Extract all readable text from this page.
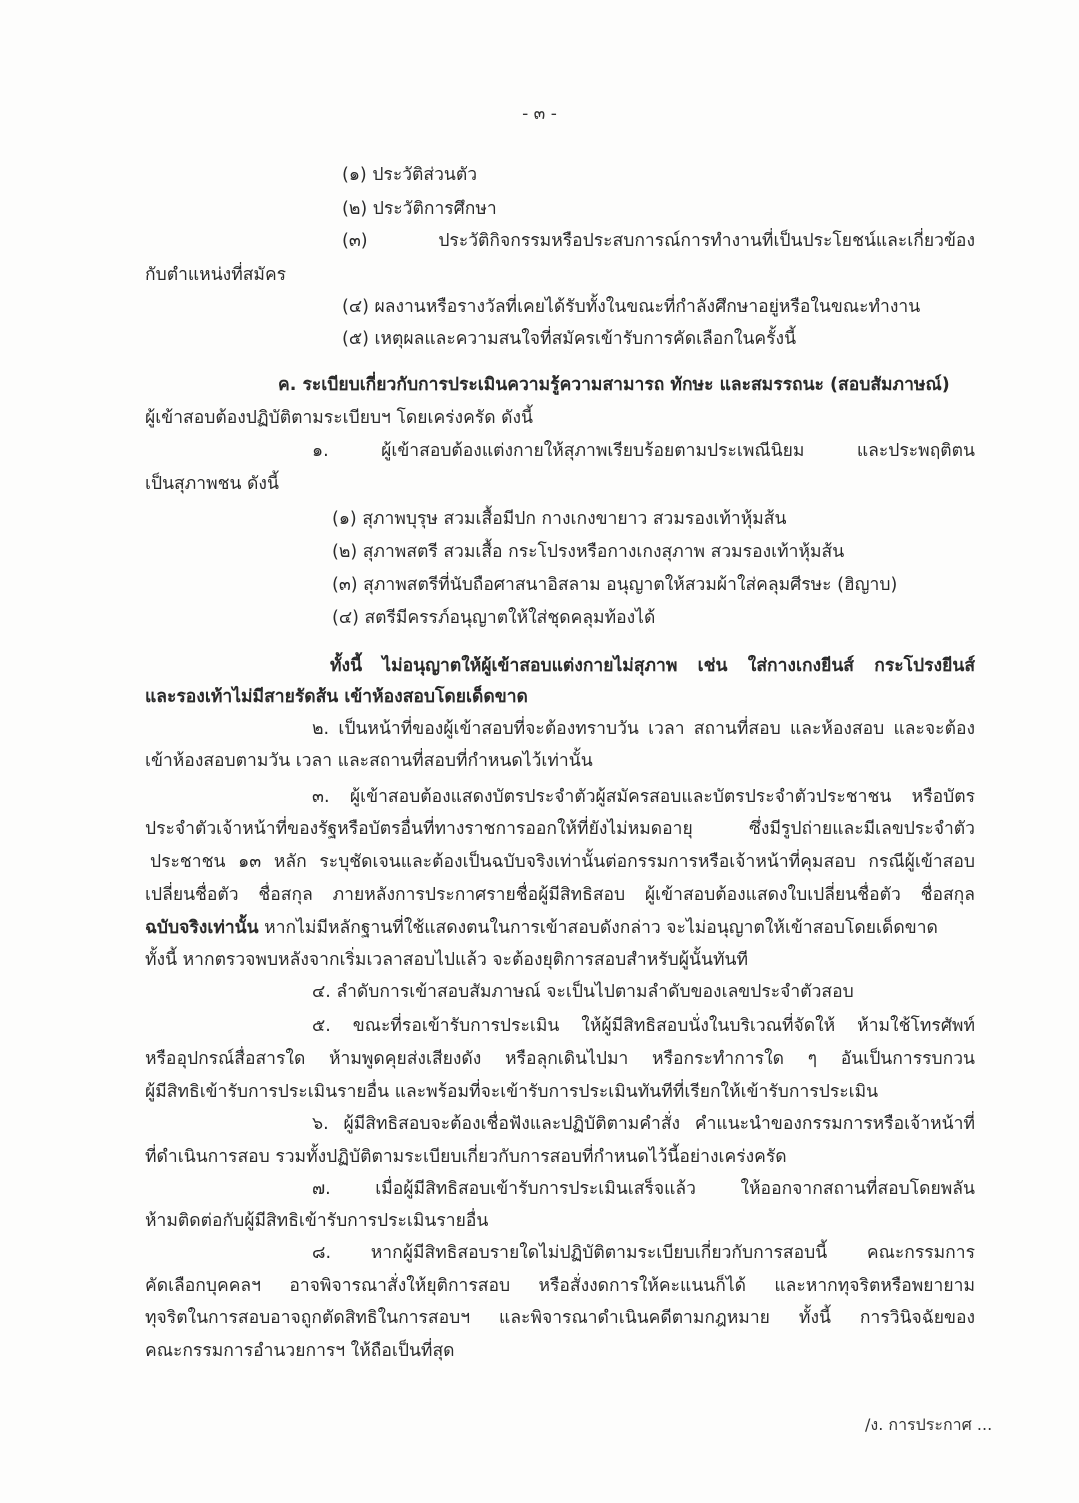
- ๓ -
(๑) ประวัติส่วนตัว
(๒) ประวัติการศึกษา
(๓) ประวัติกิจกรรมหรือประสบการณ์การทำงานที่เป็นประโยชน์และเกี่ยวข้อง
กับตำแหน่งที่สมัคร
(๔) ผลงานหรือรางวัลที่เคยได้รับทั้งในขณะที่กำลังศึกษาอยู่หรือในขณะทำงาน
(๕) เหตุผลและความสนใจที่สมัครเข้ารับการคัดเลือกในครั้งนี้
ค. ระเบียบเกี่ยวกับการประเมินความรู้ความสามารถ ทักษะ และสมรรถนะ (สอบสัมภาษณ์)
ผู้เข้าสอบต้องปฏิบัติตามระเบียบฯ โดยเคร่งครัด ดังนี้
๑. ผู้เข้าสอบต้องแต่งกายให้สุภาพเรียบร้อยตามประเพณีนิยม และประพฤติตน
เป็นสุภาพชน ดังนี้
(๑) สุภาพบุรุษ สวมเสื้อมีปก กางเกงขายาว สวมรองเท้าหุ้มส้น
(๒) สุภาพสตรี สวมเสื้อ กระโปรงหรือกางเกงสุภาพ สวมรองเท้าหุ้มส้น
(๓) สุภาพสตรีที่นับถือศาสนาอิสลาม อนุญาตให้สวมผ้าใส่คลุมศีรษะ (ฮิญาบ)
(๔) สตรีมีครรภ์อนุญาตให้ใส่ชุดคลุมท้องได้
ทั้งนี้ ไม่อนุญาตให้ผู้เข้าสอบแต่งกายไม่สุภาพ เช่น ใส่กางเกงยีนส์ กระโปรงยีนส์
และรองเท้าไม่มีสายรัดส้น เข้าห้องสอบโดยเด็ดขาด
๒. เป็นหน้าที่ของผู้เข้าสอบที่จะต้องทราบวัน เวลา สถานที่สอบ และห้องสอบ และจะต้อง
เข้าห้องสอบตามวัน เวลา และสถานที่สอบที่กำหนดไว้เท่านั้น
๓. ผู้เข้าสอบต้องแสดงบัตรประจำตัวผู้สมัครสอบและบัตรประจำตัวประชาชน หรือบัตร
ประจำตัวเจ้าหน้าที่ของรัฐหรือบัตรอื่นที่ทางราชการออกให้ที่ยังไม่หมดอายุ ซึ่งมีรูปถ่ายและมีเลขประจำตัว
ประชาชน ๑๓ หลัก ระบุชัดเจนและต้องเป็นฉบับจริงเท่านั้นต่อกรรมการหรือเจ้าหน้าที่คุมสอบ กรณีผู้เข้าสอบ
เปลี่ยนชื่อตัว ชื่อสกุล ภายหลังการประกาศรายชื่อผู้มีสิทธิสอบ ผู้เข้าสอบต้องแสดงใบเปลี่ยนชื่อตัว ชื่อสกุล
ฉบับจริงเท่านั้น หากไม่มีหลักฐานที่ใช้แสดงตนในการเข้าสอบดังกล่าว จะไม่อนุญาตให้เข้าสอบโดยเด็ดขาด
ทั้งนี้ หากตรวจพบหลังจากเริ่มเวลาสอบไปแล้ว จะต้องยุติการสอบสำหรับผู้นั้นทันที
๔. ลำดับการเข้าสอบสัมภาษณ์ จะเป็นไปตามลำดับของเลขประจำตัวสอบ
๕. ขณะที่รอเข้ารับการประเมิน ให้ผู้มีสิทธิสอบนั่งในบริเวณที่จัดให้ ห้ามใช้โทรศัพท์
หรืออุปกรณ์สื่อสารใด ห้ามพูดคุยส่งเสียงดัง หรือลุกเดินไปมา หรือกระทำการใด ๆ อันเป็นการรบกวน
ผู้มีสิทธิเข้ารับการประเมินรายอื่น และพร้อมที่จะเข้ารับการประเมินทันทีที่เรียกให้เข้ารับการประเมิน
๖. ผู้มีสิทธิสอบจะต้องเชื่อฟังและปฏิบัติตามคำสั่ง คำแนะนำของกรรมการหรือเจ้าหน้าที่
ที่ดำเนินการสอบ รวมทั้งปฏิบัติตามระเบียบเกี่ยวกับการสอบที่กำหนดไว้นี้อย่างเคร่งครัด
๗. เมื่อผู้มีสิทธิสอบเข้ารับการประเมินเสร็จแล้ว ให้ออกจากสถานที่สอบโดยพลัน
ห้ามติดต่อกับผู้มีสิทธิเข้ารับการประเมินรายอื่น
๘. หากผู้มีสิทธิสอบรายใดไม่ปฏิบัติตามระเบียบเกี่ยวกับการสอบนี้ คณะกรรมการ
คัดเลือกบุคคลฯ อาจพิจารณาสั่งให้ยุติการสอบ หรือสั่งงดการให้คะแนนก็ได้ และหากทุจริตหรือพยายาม
ทุจริตในการสอบอาจถูกตัดสิทธิในการสอบฯ และพิจารณาดำเนินคดีตามกฎหมาย ทั้งนี้ การวินิจฉัยของ
คณะกรรมการอำนวยการฯ ให้ถือเป็นที่สุด
/ง. การประกาศ ...
